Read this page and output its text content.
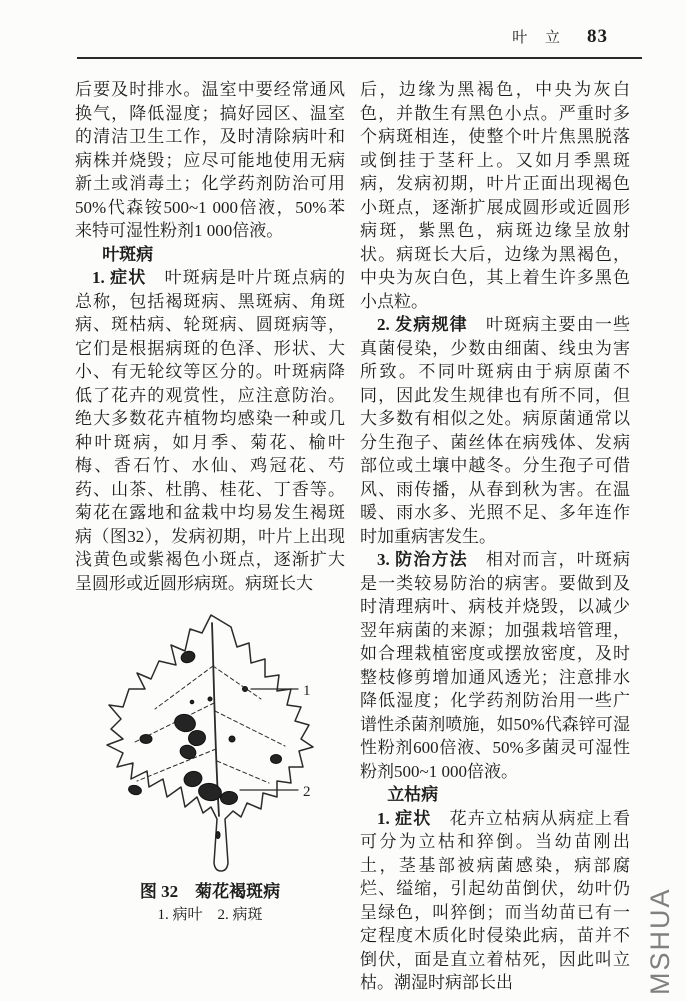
叶 立 83

后要及时排水。温室中要经常通风换气，降低湿度；搞好园区、温室的清洁卫生工作，及时清除病叶和病株并烧毁；应尽可能地使用无病新土或消毒土；化学药剂防治可用50%代森铵500~1 000倍液，50%苯来特可湿性粉剂1 000倍液。

叶斑病

1. 症状　叶斑病是叶片斑点病的总称，包括褐斑病、黑斑病、角斑病、斑枯病、轮斑病、圆斑病等，它们是根据病斑的色泽、形状、大小、有无轮纹等区分的。叶斑病降低了花卉的观赏性，应注意防治。绝大多数花卉植物均感染一种或几种叶斑病，如月季、菊花、榆叶梅、香石竹、水仙、鸡冠花、芍药、山茶、杜鹃、桂花、丁香等。菊花在露地和盆栽中均易发生褐斑病（图32），发病初期，叶片上出现浅黄色或紫褐色小斑点，逐渐扩大呈圆形或近圆形病斑。病斑长大

1
2
图 32　菊花褐斑病
1. 病叶　2. 病斑

后，边缘为黑褐色，中央为灰白色，并散生有黑色小点。严重时多个病斑相连，使整个叶片焦黑脱落或倒挂于茎秆上。又如月季黑斑病，发病初期，叶片正面出现褐色小斑点，逐渐扩展成圆形或近圆形病斑，紫黑色，病斑边缘呈放射状。病斑长大后，边缘为黑褐色，中央为灰白色，其上着生许多黑色小点粒。

2. 发病规律　叶斑病主要由一些真菌侵染，少数由细菌、线虫为害所致。不同叶斑病由于病原菌不同，因此发生规律也有所不同，但大多数有相似之处。病原菌通常以分生孢子、菌丝体在病残体、发病部位或土壤中越冬。分生孢子可借风、雨传播，从春到秋为害。在温暖、雨水多、光照不足、多年连作时加重病害发生。

3. 防治方法　相对而言，叶斑病是一类较易防治的病害。要做到及时清理病叶、病枝并烧毁，以减少翌年病菌的来源；加强栽培管理，如合理栽植密度或摆放密度，及时整枝修剪增加通风透光；注意排水降低湿度；化学药剂防治用一些广谱性杀菌剂喷施，如50%代森锌可湿性粉剂600倍液、50%多菌灵可湿性粉剂500~1 000倍液。

立枯病

1. 症状　花卉立枯病从病症上看可分为立枯和猝倒。当幼苗刚出土，茎基部被病菌感染，病部腐烂、缢缩，引起幼苗倒伏，幼叶仍呈绿色，叫猝倒；而当幼苗已有一定程度木质化时侵染此病，苗并不倒伏，面是直立着枯死，因此叫立枯。潮湿时病部长出	MSHUA
